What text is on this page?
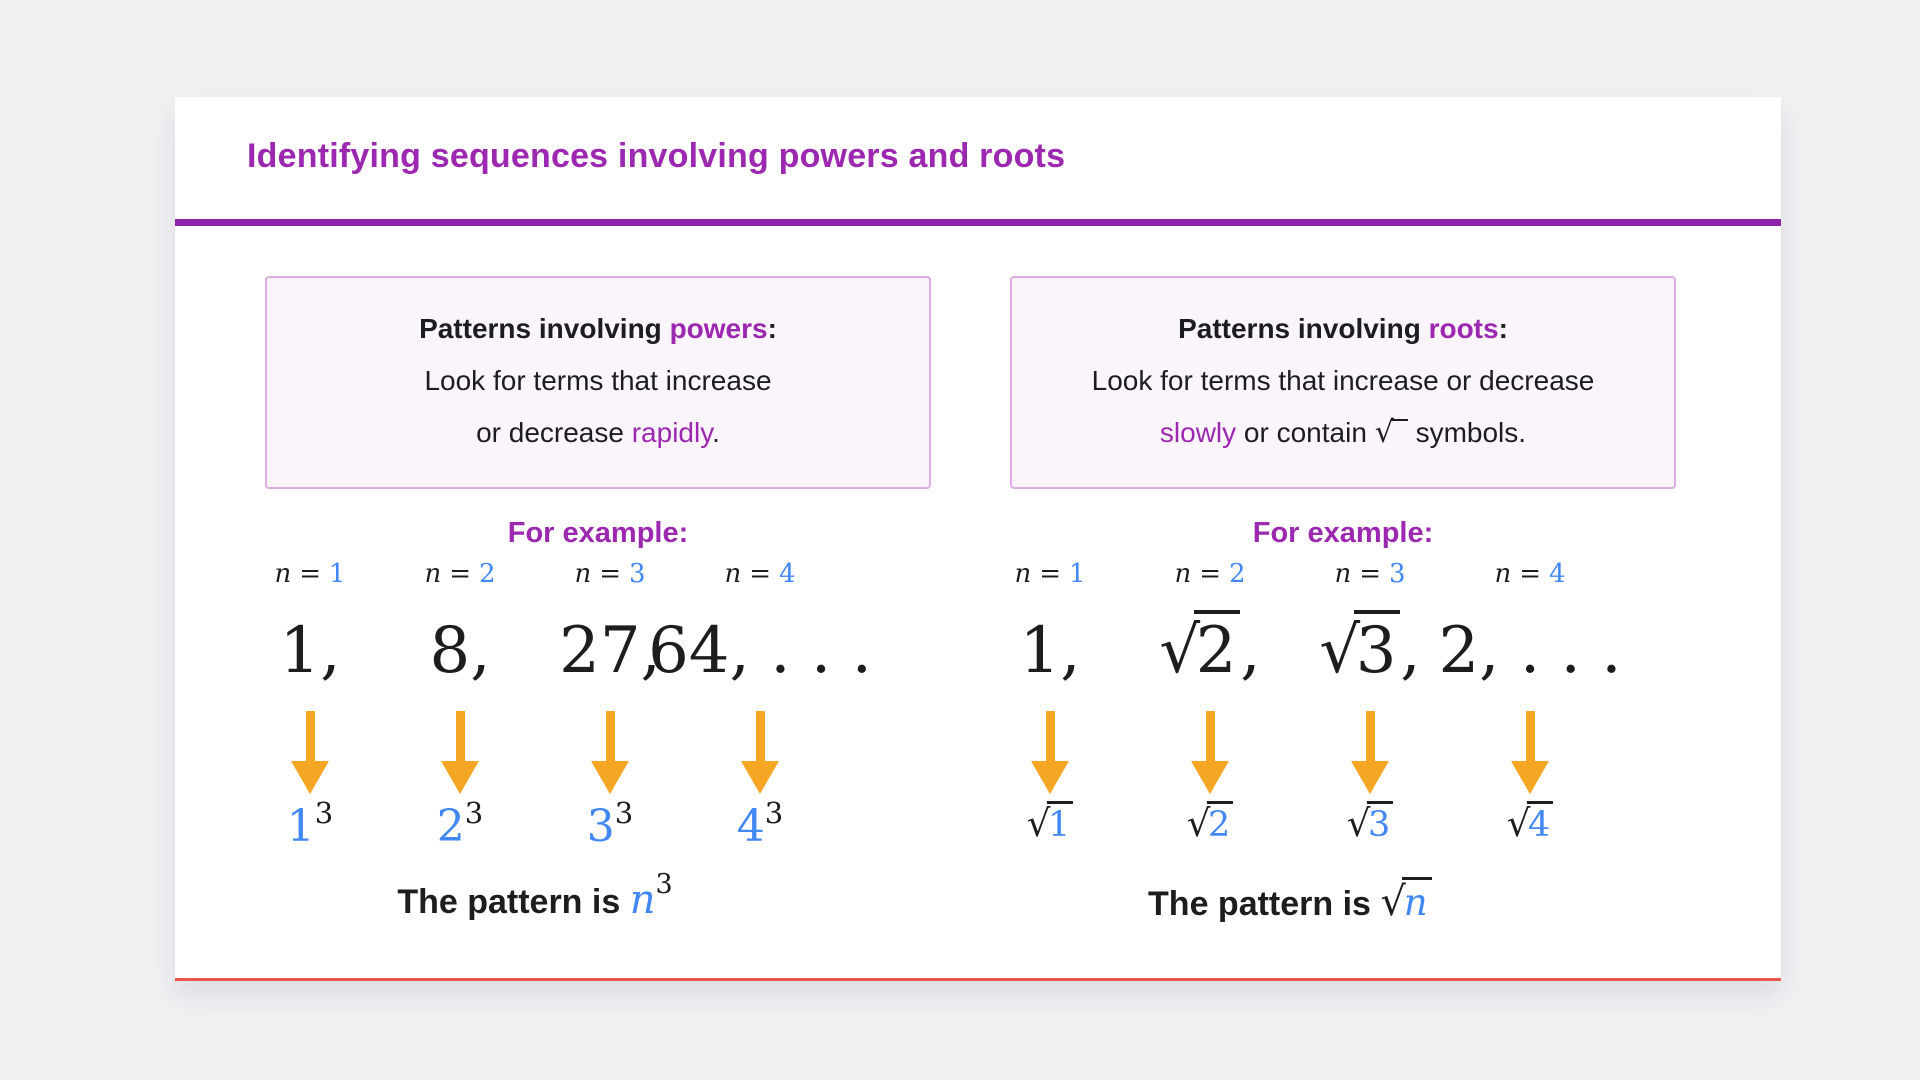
Identifying sequences involving powers and roots
Patterns involving powers:
Look for terms that increase
or decrease rapidly.
Patterns involving roots:
Look for terms that increase or decrease
slowly or contain √ symbols.
For example:	For example:
n = 1
1,
13
n = 2
8,
23
n = 3
27,
33
n = 4
64, . . .
43
n = 1
1,
√1
n = 2
√2,
√2
n = 3
√3,
√3
n = 4
2, . . .
√4
The pattern is $n^3$
The pattern is √n
